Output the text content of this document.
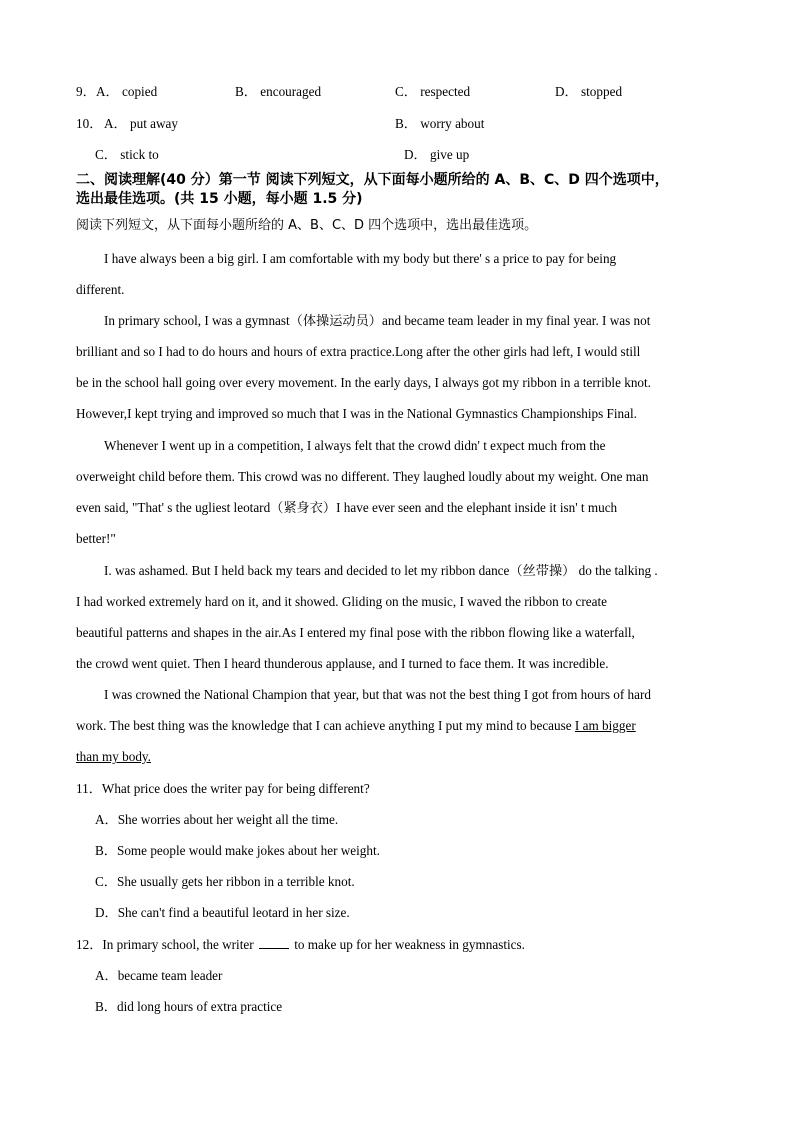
9． A． copied	B． encouraged	C． respected	D． stopped
10． A． put away	B． worry about
C． stick to	D． give up
二、阅读理解(40 分）第一节 阅读下列短文，从下面每小题所给的 A、B、C、D 四个选项中，
选出最佳选项。(共 15 小题，每小题 1.5 分)
阅读下列短文，从下面每小题所给的 A、B、C、D 四个选项中，选出最佳选项。
I have always been a big girl. I am comfortable with my body but there' s a price to pay for being
different.
In primary school, I was a gymnast（体操运动员）and became team leader in my final year. I was not
brilliant and so I had to do hours and hours of extra practice.Long after the other girls had left, I would still
be in the school hall going over every movement. In the early days, I always got my ribbon in a terrible knot.
However,I kept trying and improved so much that I was in the National Gymnastics Championships Final.
Whenever I went up in a competition, I always felt that the crowd didn' t expect much from the
overweight child before them. This crowd was no different. They laughed loudly about my weight. One man
even said, "That' s the ugliest leotard（紧身衣）I have ever seen and the elephant inside it isn' t much
better!"
I. was ashamed. But I held back my tears and decided to let my ribbon dance（丝带操） do the talking .
I had worked extremely hard on it, and it showed. Gliding on the music, I waved the ribbon to create
beautiful patterns and shapes in the air.As I entered my final pose with the ribbon flowing like a waterfall,
the crowd went quiet. Then I heard thunderous applause, and I turned to face them. It was incredible.
I was crowned the National Champion that year, but that was not the best thing I got from hours of hard
work. The best thing was the knowledge that I can achieve anything I put my mind to because I am bigger
than my body.
11．What price does the writer pay for being different?
A．She worries about her weight all the time.
B．Some people would make jokes about her weight.
C．She usually gets her ribbon in a terrible knot.
D．She can't find a beautiful leotard in her size.
12．In primary school, the writer	to make up for her weakness in gymnastics.
A．became team leader
B．did long hours of extra practice
